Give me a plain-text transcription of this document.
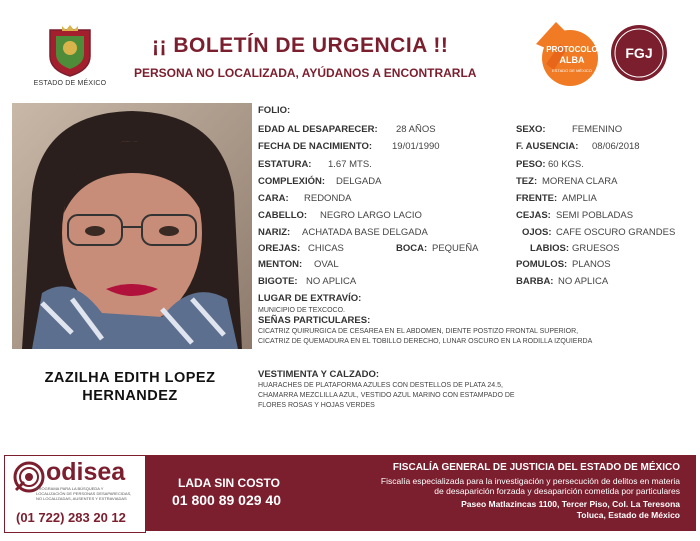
ESTADO DE MÉXICO
¡¡ BOLETÍN DE URGENCIA !!
PERSONA NO LOCALIZADA, AYÚDANOS A ENCONTRARLA
PROTOCOLO
ALBA
ESTADO DE MÉXICO
FGJ
ZAZILHA EDITH LOPEZ
HERNANDEZ
FOLIO:
EDAD AL DESAPARECER: 28 AÑOS	SEXO:	FEMENINO
FECHA DE NACIMIENTO: 19/01/1990	F. AUSENCIA: 08/06/2018
ESTATURA: 1.67 MTS.	PESO: 60 KGS.
COMPLEXIÓN: DELGADA	TEZ: MORENA CLARA
CARA: REDONDA	FRENTE: AMPLIA
CABELLO: NEGRO LARGO LACIO	CEJAS: SEMI POBLADAS
NARIZ: ACHATADA BASE DELGADA	OJOS: CAFE OSCURO GRANDES
OREJAS: CHICAS	BOCA: PEQUEÑA	LABIOS: GRUESOS
MENTON: OVAL	POMULOS: PLANOS
BIGOTE: NO APLICA	BARBA: NO APLICA
LUGAR DE EXTRAVÍO:
MUNICIPIO DE TEXCOCO.
SEÑAS PARTICULARES:
CICATRIZ QUIRURGICA DE CESAREA EN EL ABDOMEN, DIENTE POSTIZO FRONTAL SUPERIOR,
CICATRIZ DE QUEMADURA EN EL TOBILLO DERECHO, LUNAR OSCURO EN LA RODILLA IZQUIERDA
VESTIMENTA Y CALZADO:
HUARACHES DE PLATAFORMA AZULES CON DESTELLOS DE PLATA 24.5,
CHAMARRA MEZCLILLA AZUL, VESTIDO AZUL MARINO CON ESTAMPADO DE
FLORES ROSAS Y HOJAS VERDES
odisea
PROGRAMA PARA LA BÚSQUEDA Y LOCALIZACIÓN DE PERSONAS DESAPARECIDAS, NO LOCALIZADAS, AUSENTES Y EXTRAVIADAS
(01 722) 283 20 12
LADA SIN COSTO
01 800 89 029 40
FISCALÍA GENERAL DE JUSTICIA DEL ESTADO DE MÉXICO
Fiscalía especializada para la investigación y persecución de delitos en materia
de desaparición forzada y desaparición cometida por particulares
Paseo Matlazincas 1100, Tercer Piso, Col. La Teresona
Toluca, Estado de México
